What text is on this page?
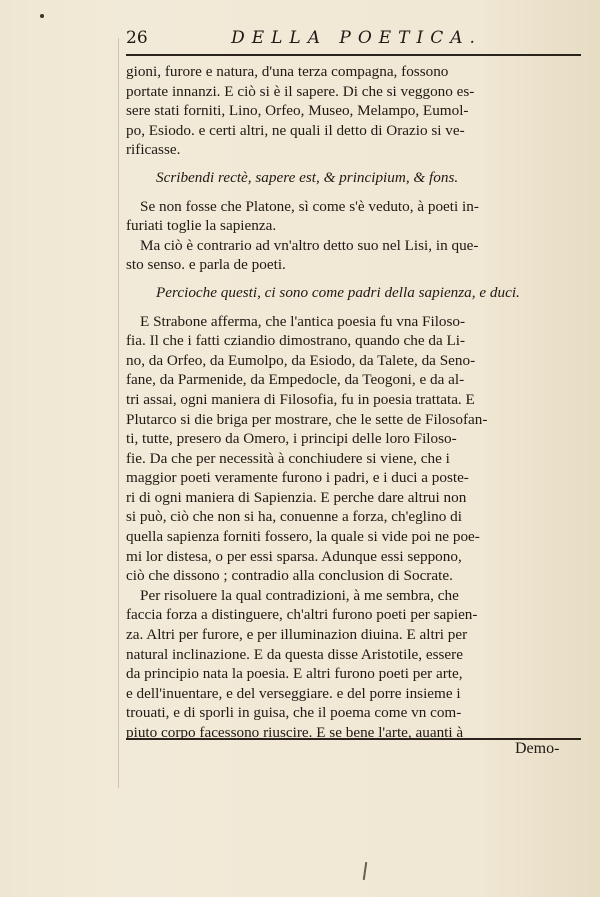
26	DELLA POETICA.
gioni, furore e natura, d'una terza compagna, fossono
portate innanzi. E ciò si è il sapere. Di che si veggono es-
sere stati forniti, Lino, Orfeo, Museo, Melampo, Eumol-
po, Esiodo. e certi altri, ne quali il detto di Orazio si ve-
rificasse.
Scribendi rectè, sapere est, & principium, & fons.
Se non fosse che Platone, sì come s'è veduto, à poeti in-
furiati toglie la sapienza.
Ma ciò è contrario ad vn'altro detto suo nel Lisi, in que-
sto senso. e parla de poeti.
Percioche questi, ci sono come padri della sapienza, e duci.
E Strabone afferma, che l'antica poesia fu vna Filoso-
fia. Il che i fatti cziandio dimostrano, quando che da Li-
no, da Orfeo, da Eumolpo, da Esiodo, da Talete, da Seno-
fane, da Parmenide, da Empedocle, da Teogoni, e da al-
tri assai, ogni maniera di Filosofia, fu in poesia trattata. E
Plutarco si die briga per mostrare, che le sette de Filosofan-
ti, tutte, presero da Omero, i principi delle loro Filoso-
fie. Da che per necessità à conchiudere si viene, che i
maggior poeti veramente furono i padri, e i duci a poste-
ri di ogni maniera di Sapienzia. E perche dare altrui non
si può, ciò che non si ha, conuenne a forza, ch'eglino di
quella sapienza forniti fossero, la quale si vide poi ne poe-
mi lor distesa, o per essi sparsa. Adunque essi seppono,
ciò che dissono ; contradio alla conclusion di Socrate.
Per risoluere la qual contradizioni, à me sembra, che
faccia forza a distinguere, ch'altri furono poeti per sapien-
za. Altri per furore, e per illuminazion diuina. E altri per
natural inclinazione. E da questa disse Aristotile, essere
da principio nata la poesia. E altri furono poeti per arte,
e dell'inuentare, e del verseggiare. e del porre insieme i
trouati, e di sporli in guisa, che il poema come vn com-
piuto corpo facessono riuscire. E se bene l'arte, auanti à
Demo-
